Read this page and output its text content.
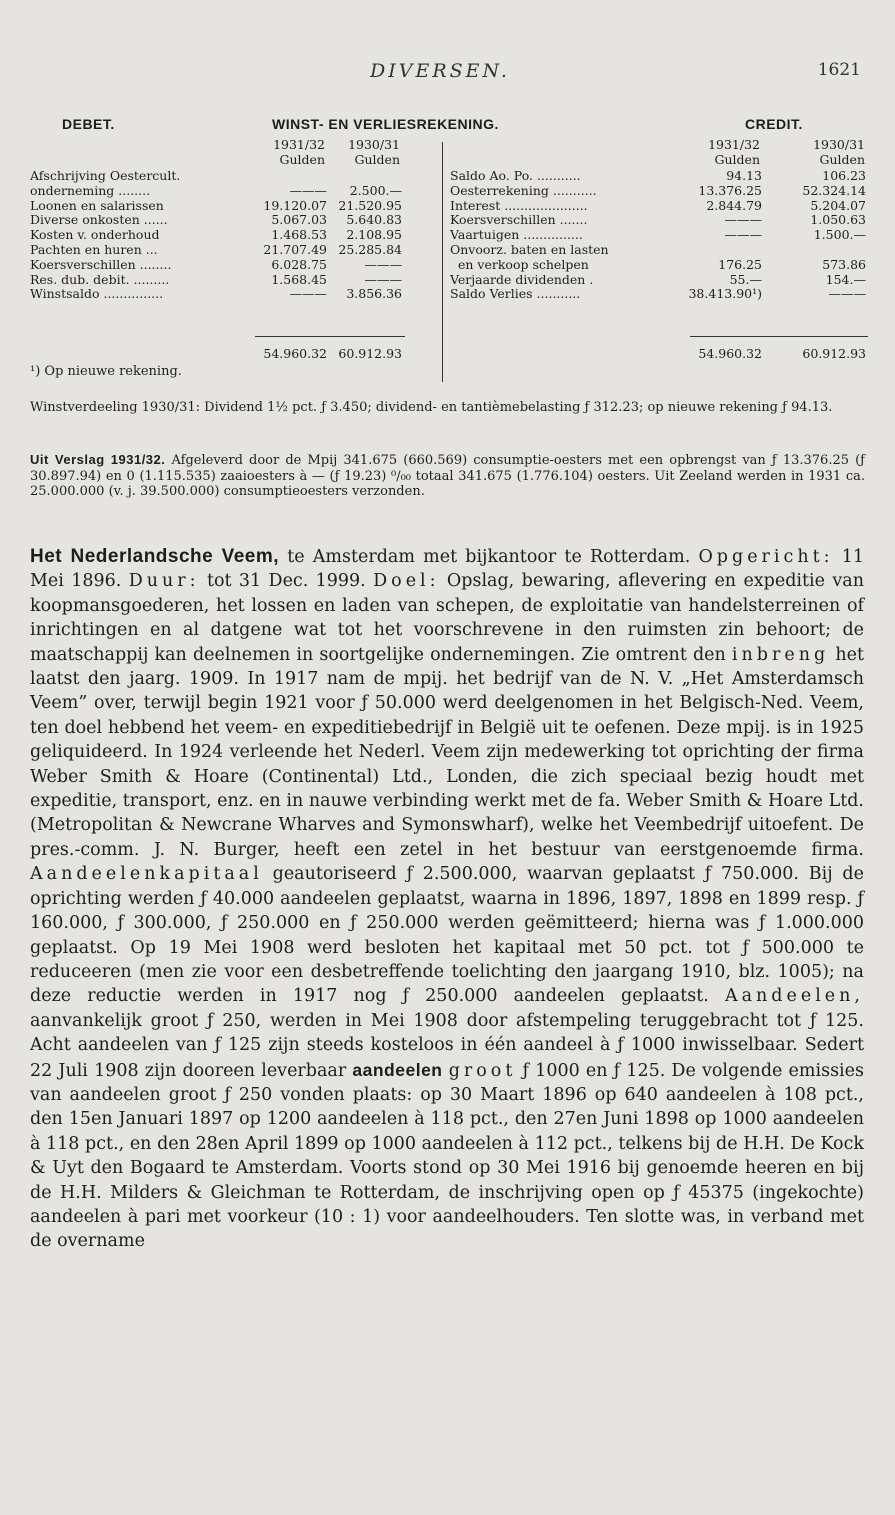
DIVERSEN.	1621
DEBET.	WINST- EN VERLIESREKENING.	CREDIT.
1931/32	1930/31
Gulden	Gulden
1931/32	1930/31
Gulden	Gulden
Afschrijving Oestercult.
onderneming ........	———	2.500.—
Loonen en salarissen	19.120.07 21.520.95
Diverse onkosten ......	5.067.03	5.640.83
Kosten v. onderhoud	1.468.53	2.108.95
Pachten en huren ...	21.707.49 25.285.84
Koersverschillen ........	6.028.75	———
Res. dub. debit. .........	1.568.45	———
Winstsaldo ...............	———	3.856.36
Saldo Ao. Po. ...........	94.13	106.23
Oesterrekening ...........	13.376.25	52.324.14
Interest .....................	2.844.79	5.204.07
Koersverschillen .......	———	1.050.63
Vaartuigen ...............	———	1.500.—
Onvoorz. baten en lasten
en verkoop schelpen	176.25	573.86
Verjaarde dividenden .	55.—	154.—
Saldo Verlies ...........	38.413.90¹)	———
54.960.32 60.912.93	54.960.32	60.912.93
¹) Op nieuwe rekening.
Winstverdeeling 1930/31: Dividend 1½ pct. ƒ 3.450; dividend- en tantièmebelasting ƒ 312.23; op nieuwe rekening ƒ 94.13.
Uit Verslag 1931/32. Afgeleverd door de Mpij 341.675 (660.569) consumptie-oesters met een opbrengst van ƒ 13.376.25 (ƒ 30.897.94) en 0 (1.115.535) zaaioesters à — (ƒ 19.23) ⁰/₀₀ totaal 341.675 (1.776.104) oesters. Uit Zeeland werden in 1931 ca. 25.000.000 (v. j. 39.500.000) consumptieoesters verzonden.

Het Nederlandsche Veem, te Amsterdam met bijkantoor te Rotterdam. Opgericht: 11 Mei 1896. Duur: tot 31 Dec. 1999. Doel: Opslag, bewaring, aflevering en expeditie van koopmansgoederen, het lossen en laden van schepen, de exploitatie van handelsterreinen of inrichtingen en al datgene wat tot het voorschrevene in den ruimsten zin behoort; de maatschappij kan deelnemen in soortgelijke ondernemingen. Zie omtrent den inbreng het laatst den jaarg. 1909. In 1917 nam de mpij. het bedrijf van de N. V. „Het Amsterdamsch Veem” over, terwijl begin 1921 voor ƒ 50.000 werd deelgenomen in het Belgisch-Ned. Veem, ten doel hebbend het veem- en expeditiebedrijf in België uit te oefenen. Deze mpij. is in 1925 geliquideerd. In 1924 verleende het Nederl. Veem zijn medewerking tot oprichting der firma Weber Smith & Hoare (Continental) Ltd., Londen, die zich speciaal bezig houdt met expeditie, transport, enz. en in nauwe verbinding werkt met de fa. Weber Smith & Hoare Ltd. (Metropolitan & Newcrane Wharves and Symonswharf), welke het Veembedrijf uitoefent. De pres.-comm. J. N. Burger, heeft een zetel in het bestuur van eerstgenoemde firma. Aandeelenkapitaal geautoriseerd ƒ 2.500.000, waarvan geplaatst ƒ 750.000. Bij de oprichting werden ƒ 40.000 aandeelen geplaatst, waarna in 1896, 1897, 1898 en 1899 resp. ƒ 160.000, ƒ 300.000, ƒ 250.000 en ƒ 250.000 werden geëmitteerd; hierna was ƒ 1.000.000 geplaatst. Op 19 Mei 1908 werd besloten het kapitaal met 50 pct. tot ƒ 500.000 te reduceeren (men zie voor een desbetreffende toelichting den jaargang 1910, blz. 1005); na deze reductie werden in 1917 nog ƒ 250.000 aandeelen geplaatst. Aandeelen, aanvankelijk groot ƒ 250, werden in Mei 1908 door afstempeling teruggebracht tot ƒ 125. Acht aandeelen van ƒ 125 zijn steeds kosteloos in één aandeel à ƒ 1000 inwisselbaar. Sedert 22 Juli 1908 zijn dooreen leverbaar aandeelen groot ƒ 1000 en ƒ 125. De volgende emissies van aandeelen groot ƒ 250 vonden plaats: op 30 Maart 1896 op 640 aandeelen à 108 pct., den 15en Januari 1897 op 1200 aandeelen à 118 pct., den 27en Juni 1898 op 1000 aandeelen à 118 pct., en den 28en April 1899 op 1000 aandeelen à 112 pct., telkens bij de H.H. De Kock & Uyt den Bogaard te Amsterdam. Voorts stond op 30 Mei 1916 bij genoemde heeren en bij de H.H. Milders & Gleichman te Rotterdam, de inschrijving open op ƒ 45375 (ingekochte) aandeelen à pari met voorkeur (10 : 1) voor aandeelhouders. Ten slotte was, in verband met de overname
